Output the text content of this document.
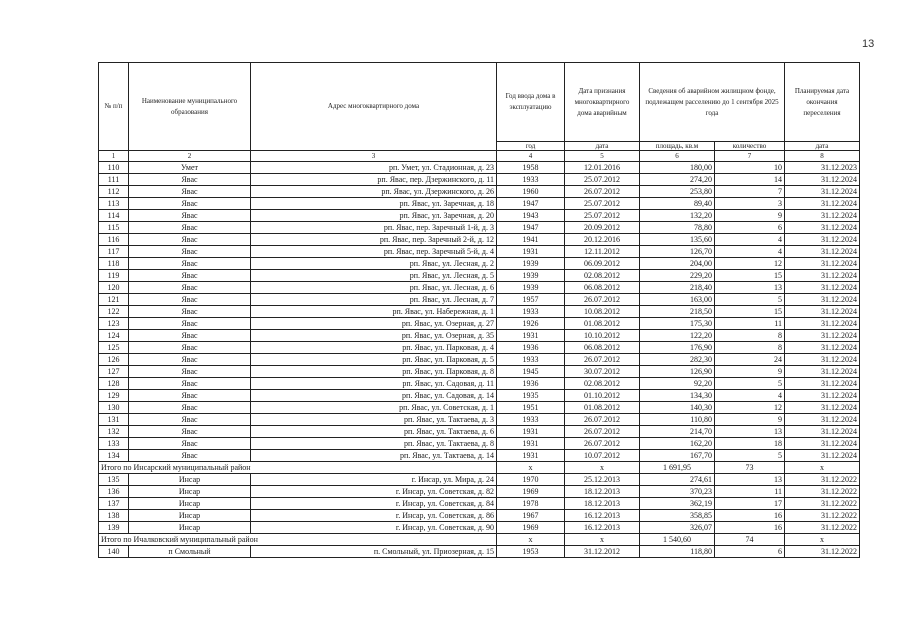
13
№ п/п	Наименование муниципального образования	Адрес многоквартирного дома	Год ввода дома в эксплуатацию	Дата признания многоквартирного дома аварийным	Сведения об аварийном жилищном фонде, подлежащем расселению до 1 сентября 2025 года		Планируемая дата окончания переселения
			год	дата	площадь, кв.м	количество	дата
1	2	3	4	5	6	7	8
110	Умет	рп. Умет, ул. Стадионная, д. 23	1958	12.01.2016	180,00	10	31.12.2023
111	Явас	рп. Явас, пер. Дзержинского, д. 11	1933	25.07.2012	274,20	14	31.12.2024
112	Явас	рп. Явас, ул. Дзержинского, д. 26	1960	26.07.2012	253,80	7	31.12.2024
113	Явас	рп. Явас, ул. Заречная, д. 18	1947	25.07.2012	89,40	3	31.12.2024
114	Явас	рп. Явас, ул. Заречная, д. 20	1943	25.07.2012	132,20	9	31.12.2024
115	Явас	рп. Явас, пер. Заречный 1-й, д. 3	1947	20.09.2012	78,80	6	31.12.2024
116	Явас	рп. Явас, пер. Заречный 2-й, д. 12	1941	20.12.2016	135,60	4	31.12.2024
117	Явас	рп. Явас, пер. Заречный 5-й, д. 4	1931	12.11.2012	126,70	4	31.12.2024
118	Явас	рп. Явас, ул. Лесная, д. 2	1939	06.09.2012	204,00	12	31.12.2024
119	Явас	рп. Явас, ул. Лесная, д. 5	1939	02.08.2012	229,20	15	31.12.2024
120	Явас	рп. Явас, ул. Лесная, д. 6	1939	06.08.2012	218,40	13	31.12.2024
121	Явас	рп. Явас, ул. Лесная, д. 7	1957	26.07.2012	163,00	5	31.12.2024
122	Явас	рп. Явас, ул. Набережная, д. 1	1933	10.08.2012	218,50	15	31.12.2024
123	Явас	рп. Явас, ул. Озерная, д. 27	1926	01.08.2012	175,30	11	31.12.2024
124	Явас	рп. Явас, ул. Озерная, д. 35	1931	10.10.2012	122,20	8	31.12.2024
125	Явас	рп. Явас, ул. Парковая, д. 4	1936	06.08.2012	176,90	8	31.12.2024
126	Явас	рп. Явас, ул. Парковая, д. 5	1933	26.07.2012	282,30	24	31.12.2024
127	Явас	рп. Явас, ул. Парковая, д. 8	1945	30.07.2012	126,90	9	31.12.2024
128	Явас	рп. Явас, ул. Садовая, д. 11	1936	02.08.2012	92,20	5	31.12.2024
129	Явас	рп. Явас, ул. Садовая, д. 14	1935	01.10.2012	134,30	4	31.12.2024
130	Явас	рп. Явас, ул. Советская, д. 1	1951	01.08.2012	140,30	12	31.12.2024
131	Явас	рп. Явас, ул. Тактаева, д. 3	1933	26.07.2012	110,80	9	31.12.2024
132	Явас	рп. Явас, ул. Тактаева, д. 6	1931	26.07.2012	214,70	13	31.12.2024
133	Явас	рп. Явас, ул. Тактаева, д. 8	1931	26.07.2012	162,20	18	31.12.2024
134	Явас	рп. Явас, ул. Тактаева, д. 14	1931	10.07.2012	167,70	5	31.12.2024
Итого по Инсарский муниципальный район			х	х	1 691,95	73	х
135	Инсар	г. Инсар, ул. Мира, д. 24	1970	25.12.2013	274,61	13	31.12.2022
136	Инсар	г. Инсар, ул. Советская, д. 82	1969	18.12.2013	370,23	11	31.12.2022
137	Инсар	г. Инсар, ул. Советская, д. 84	1978	18.12.2013	362,19	17	31.12.2022
138	Инсар	г. Инсар, ул. Советская, д. 86	1967	16.12.2013	358,85	16	31.12.2022
139	Инсар	г. Инсар, ул. Советская, д. 90	1969	16.12.2013	326,07	16	31.12.2022
Итого по Ичалковский муниципальный район			х	х	1 540,60	74	х
140	п Смольный	п. Смольный, ул. Приозерная, д. 15	1953	31.12.2012	118,80	6	31.12.2022
